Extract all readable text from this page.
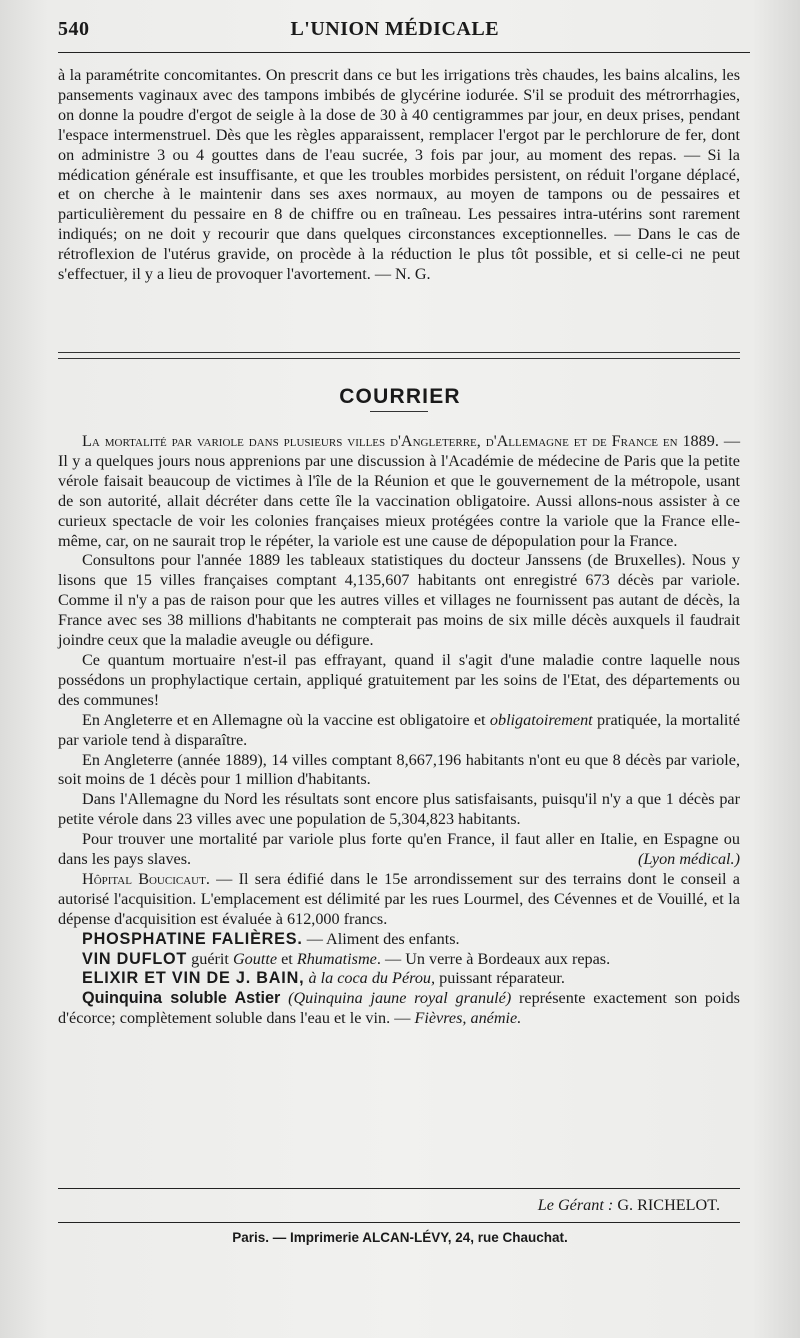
540	L'UNION MÉDICALE

à la paramétrite concomitantes. On prescrit dans ce but les irrigations très chaudes, les bains alcalins, les pansements vaginaux avec des tampons imbibés de glycérine iodurée. S'il se produit des métrorrhagies, on donne la poudre d'ergot de seigle à la dose de 30 à 40 centigrammes par jour, en deux prises, pendant l'espace intermenstruel. Dès que les règles apparaissent, remplacer l'ergot par le perchlorure de fer, dont on administre 3 ou 4 gouttes dans de l'eau sucrée, 3 fois par jour, au moment des repas. — Si la médication générale est insuffisante, et que les troubles morbides persistent, on réduit l'organe déplacé, et on cherche à le maintenir dans ses axes normaux, au moyen de tampons ou de pessaires et particulièrement du pessaire en 8 de chiffre ou en traîneau. Les pessaires intra-utérins sont rarement indiqués; on ne doit y recourir que dans quelques circonstances exceptionnelles. — Dans le cas de rétroflexion de l'utérus gravide, on procède à la réduction le plus tôt possible, et si celle-ci ne peut s'effectuer, il y a lieu de provoquer l'avortement. — N. G.

COURRIER

La mortalité par variole dans plusieurs villes d'Angleterre, d'Allemagne et de France en 1889. — Il y a quelques jours nous apprenions par une discussion à l'Académie de médecine de Paris que la petite vérole faisait beaucoup de victimes à l'île de la Réunion et que le gouvernement de la métropole, usant de son autorité, allait décréter dans cette île la vaccination obligatoire. Aussi allons-nous assister à ce curieux spectacle de voir les colonies françaises mieux protégées contre la variole que la France elle-même, car, on ne saurait trop le répéter, la variole est une cause de dépopulation pour la France.

Consultons pour l'année 1889 les tableaux statistiques du docteur Janssens (de Bruxelles). Nous y lisons que 15 villes françaises comptant 4,135,607 habitants ont enregistré 673 décès par variole. Comme il n'y a pas de raison pour que les autres villes et villages ne fournissent pas autant de décès, la France avec ses 38 millions d'habitants ne compterait pas moins de six mille décès auxquels il faudrait joindre ceux que la maladie aveugle ou défigure.

Ce quantum mortuaire n'est-il pas effrayant, quand il s'agit d'une maladie contre laquelle nous possédons un prophylactique certain, appliqué gratuitement par les soins de l'Etat, des départements ou des communes!

En Angleterre et en Allemagne où la vaccine est obligatoire et obligatoirement pratiquée, la mortalité par variole tend à disparaître.

En Angleterre (année 1889), 14 villes comptant 8,667,196 habitants n'ont eu que 8 décès par variole, soit moins de 1 décès pour 1 million d'habitants.

Dans l'Allemagne du Nord les résultats sont encore plus satisfaisants, puisqu'il n'y a que 1 décès par petite vérole dans 23 villes avec une population de 5,304,823 habitants.

Pour trouver une mortalité par variole plus forte qu'en France, il faut aller en Italie, en Espagne ou dans les pays slaves.	(Lyon médical.)

Hôpital Boucicaut. — Il sera édifié dans le 15e arrondissement sur des terrains dont le conseil a autorisé l'acquisition. L'emplacement est délimité par les rues Lourmel, des Cévennes et de Vouillé, et la dépense d'acquisition est évaluée à 612,000 francs.

PHOSPHATINE FALIÈRES. — Aliment des enfants.

VIN DUFLOT guérit Goutte et Rhumatisme. — Un verre à Bordeaux aux repas.

ELIXIR ET VIN DE J. BAIN, à la coca du Pérou, puissant réparateur.

Quinquina soluble Astier (Quinquina jaune royal granulé) représente exactement son poids d'écorce; complètement soluble dans l'eau et le vin. — Fièvres, anémie.

Le Gérant : G. RICHELOT.
Paris. — Imprimerie ALCAN-LÉVY, 24, rue Chauchat.
